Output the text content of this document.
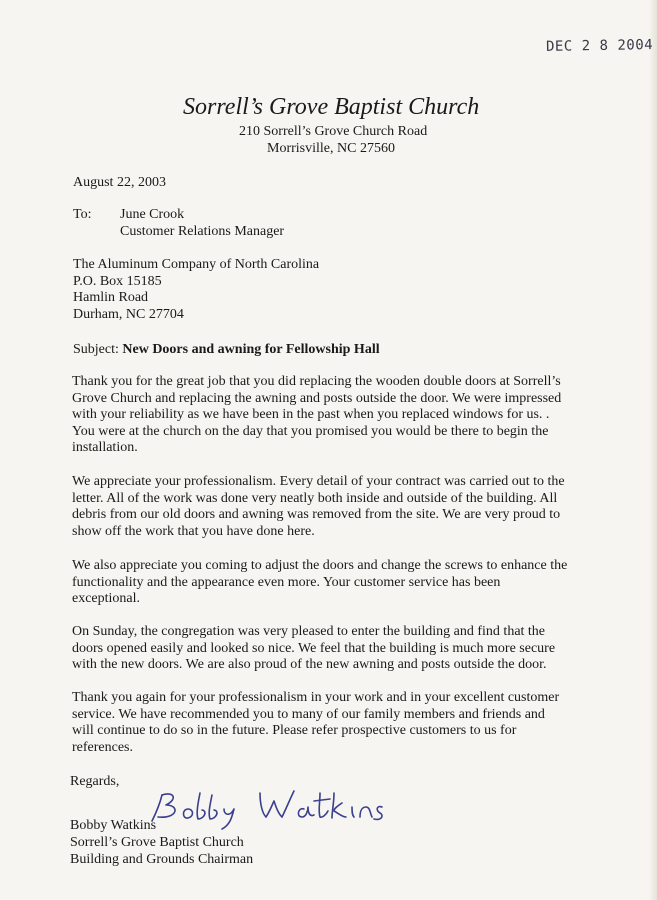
DEC 2 8 2004
Sorrell’s Grove Baptist Church
210 Sorrell’s Grove Church Road
Morrisville, NC 27560
August 22, 2003
To: June Crook
Customer Relations Manager
The Aluminum Company of North Carolina
P.O. Box 15185
Hamlin Road
Durham, NC 27704
Subject: New Doors and awning for Fellowship Hall
Thank you for the great job that you did replacing the wooden double doors at Sorrell’s
Grove Church and replacing the awning and posts outside the door. We were impressed
with your reliability as we have been in the past when you replaced windows for us. .
You were at the church on the day that you promised you would be there to begin the
installation.
We appreciate your professionalism. Every detail of your contract was carried out to the
letter. All of the work was done very neatly both inside and outside of the building. All
debris from our old doors and awning was removed from the site. We are very proud to
show off the work that you have done here.
We also appreciate you coming to adjust the doors and change the screws to enhance the
functionality and the appearance even more. Your customer service has been
exceptional.
On Sunday, the congregation was very pleased to enter the building and find that the
doors opened easily and looked so nice. We feel that the building is much more secure
with the new doors. We are also proud of the new awning and posts outside the door.
Thank you again for your professionalism in your work and in your excellent customer
service. We have recommended you to many of our family members and friends and
will continue to do so in the future. Please refer prospective customers to us for
references.
Regards,
Bobby Watkins
Sorrell’s Grove Baptist Church
Building and Grounds Chairman
